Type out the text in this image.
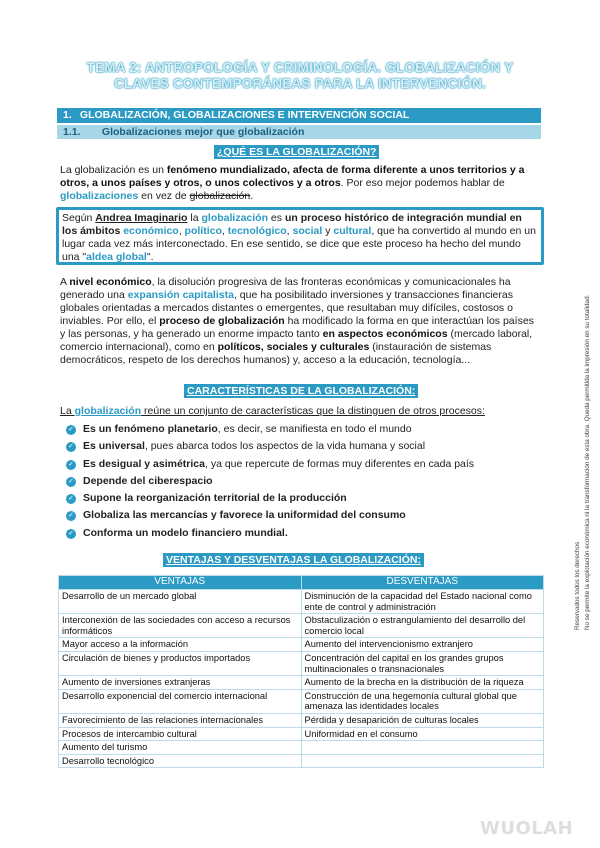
TEMA 2: ANTROPOLOGÍA Y CRIMINOLOGÍA. GLOBALIZACIÓN Y
CLAVES CONTEMPORÁNEAS PARA LA INTERVENCIÓN.
1. GLOBALIZACIÓN, GLOBALIZACIONES E INTERVENCIÓN SOCIAL
1.1. Globalizaciones mejor que globalización
¿QUÉ ES LA GLOBALIZACIÓN?
La globalización es un fenómeno mundializado, afecta de forma diferente a unos territorios y a otros, a unos países y otros, o unos colectivos y a otros. Por eso mejor podemos hablar de globalizaciones en vez de globalización.
Según Andrea Imaginario la globalización es un proceso histórico de integración mundial en los ámbitos económico, político, tecnológico, social y cultural, que ha convertido al mundo en un lugar cada vez más interconectado. En ese sentido, se dice que este proceso ha hecho del mundo una "aldea global".
A nivel económico, la disolución progresiva de las fronteras económicas y comunicacionales ha generado una expansión capitalista, que ha posibilitado inversiones y transacciones financieras globales orientadas a mercados distantes o emergentes, que resultaban muy difíciles, costosos o inviables. Por ello, el proceso de globalización ha modificado la forma en que interactúan los países y las personas, y ha generado un enorme impacto tanto en aspectos económicos (mercado laboral, comercio internacional), como en políticos, sociales y culturales (instauración de sistemas democráticos, respeto de los derechos humanos) y, acceso a la educación, tecnología...
CARACTERÍSTICAS DE LA GLOBALIZACIÓN:
La globalización reúne un conjunto de características que la distinguen de otros procesos:
✓ Es un fenómeno planetario, es decir, se manifiesta en todo el mundo
✓ Es universal, pues abarca todos los aspectos de la vida humana y social
✓ Es desigual y asimétrica, ya que repercute de formas muy diferentes en cada país
✓ Depende del ciberespacio
✓ Supone la reorganización territorial de la producción
✓ Globaliza las mercancías y favorece la uniformidad del consumo
✓ Conforma un modelo financiero mundial.
VENTAJAS Y DESVENTAJAS LA GLOBALIZACIÓN:
VENTAJAS	DESVENTAJAS
Desarrollo de un mercado global	Disminución de la capacidad del Estado nacional como ente de control y administración
Interconexión de las sociedades con acceso a recursos informáticos	Obstaculización o estrangulamiento del desarrollo del comercio local
Mayor acceso a la información	Aumento del intervencionismo extranjero
Circulación de bienes y productos importados	Concentración del capital en los grandes grupos multinacionales o transnacionales
Aumento de inversiones extranjeras	Aumento de la brecha en la distribución de la riqueza
Desarrollo exponencial del comercio internacional	Construcción de una hegemonía cultural global que amenaza las identidades locales
Favorecimiento de las relaciones internacionales	Pérdida y desaparición de culturas locales
Procesos de intercambio cultural	Uniformidad en el consumo
Aumento del turismo	
Desarrollo tecnológico	
Reservados todos los derechos. No se permite la explotación económica ni la transformación de esta obra. Queda permitida la impresión en su totalidad.
WUOLAH
